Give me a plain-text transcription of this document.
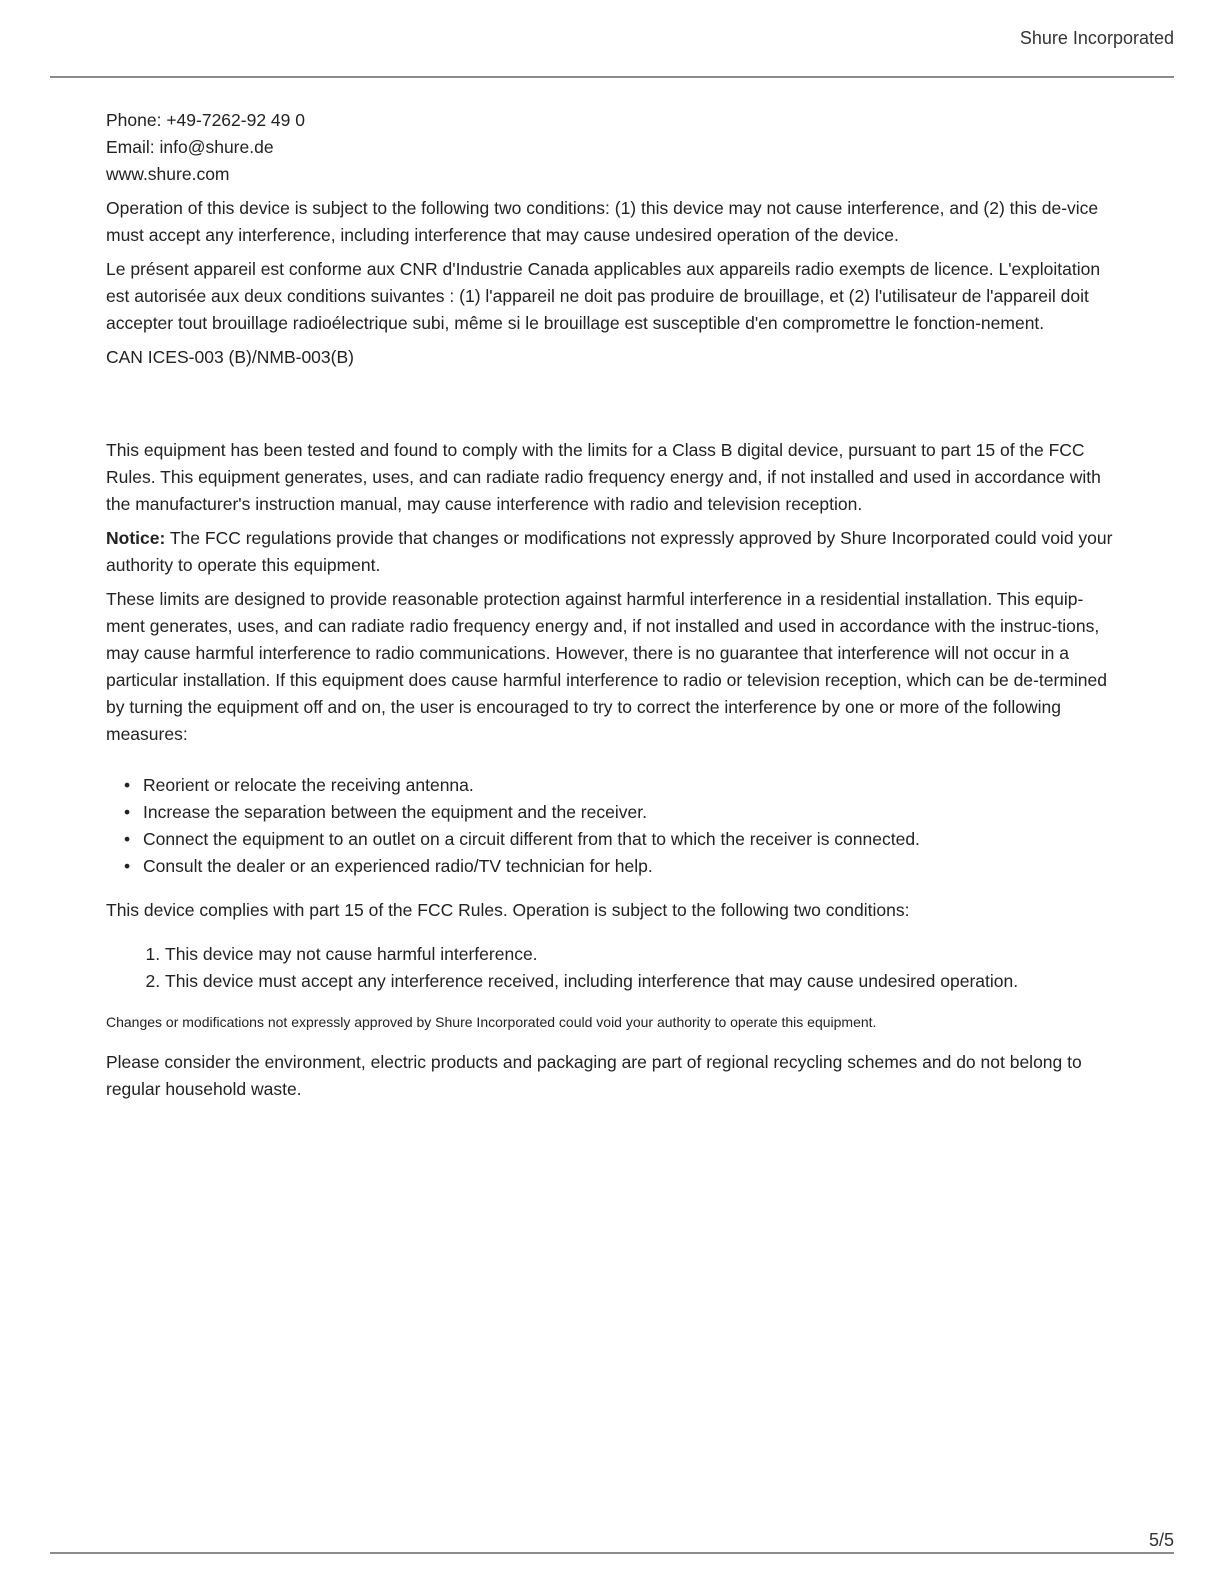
Shure Incorporated

Phone: +49-7262-92 49 0

Email: info@shure.de

www.shure.com

Operation of this device is subject to the following two conditions: (1) this device may not cause interference, and (2) this de-vice must accept any interference, including interference that may cause undesired operation of the device.

Le présent appareil est conforme aux CNR d'Industrie Canada applicables aux appareils radio exempts de licence. L'exploitation est autorisée aux deux conditions suivantes : (1) l'appareil ne doit pas produire de brouillage, et (2) l'utilisateur de l'appareil doit accepter tout brouillage radioélectrique subi, même si le brouillage est susceptible d'en compromettre le fonction-nement.

CAN ICES-003 (B)/NMB-003(B)

This equipment has been tested and found to comply with the limits for a Class B digital device, pursuant to part 15 of the FCC Rules. This equipment generates, uses, and can radiate radio frequency energy and, if not installed and used in accordance with the manufacturer's instruction manual, may cause interference with radio and television reception.

Notice: The FCC regulations provide that changes or modifications not expressly approved by Shure Incorporated could void your authority to operate this equipment.

These limits are designed to provide reasonable protection against harmful interference in a residential installation. This equip-ment generates, uses, and can radiate radio frequency energy and, if not installed and used in accordance with the instruc-tions, may cause harmful interference to radio communications. However, there is no guarantee that interference will not occur in a particular installation. If this equipment does cause harmful interference to radio or television reception, which can be de-termined by turning the equipment off and on, the user is encouraged to try to correct the interference by one or more of the following measures:

• Reorient or relocate the receiving antenna.
• Increase the separation between the equipment and the receiver.
• Connect the equipment to an outlet on a circuit different from that to which the receiver is connected.
• Consult the dealer or an experienced radio/TV technician for help.

This device complies with part 15 of the FCC Rules. Operation is subject to the following two conditions:

1. This device may not cause harmful interference.
2. This device must accept any interference received, including interference that may cause undesired operation.

Changes or modifications not expressly approved by Shure Incorporated could void your authority to operate this equipment.

Please consider the environment, electric products and packaging are part of regional recycling schemes and do not belong to regular household waste.

5/5
